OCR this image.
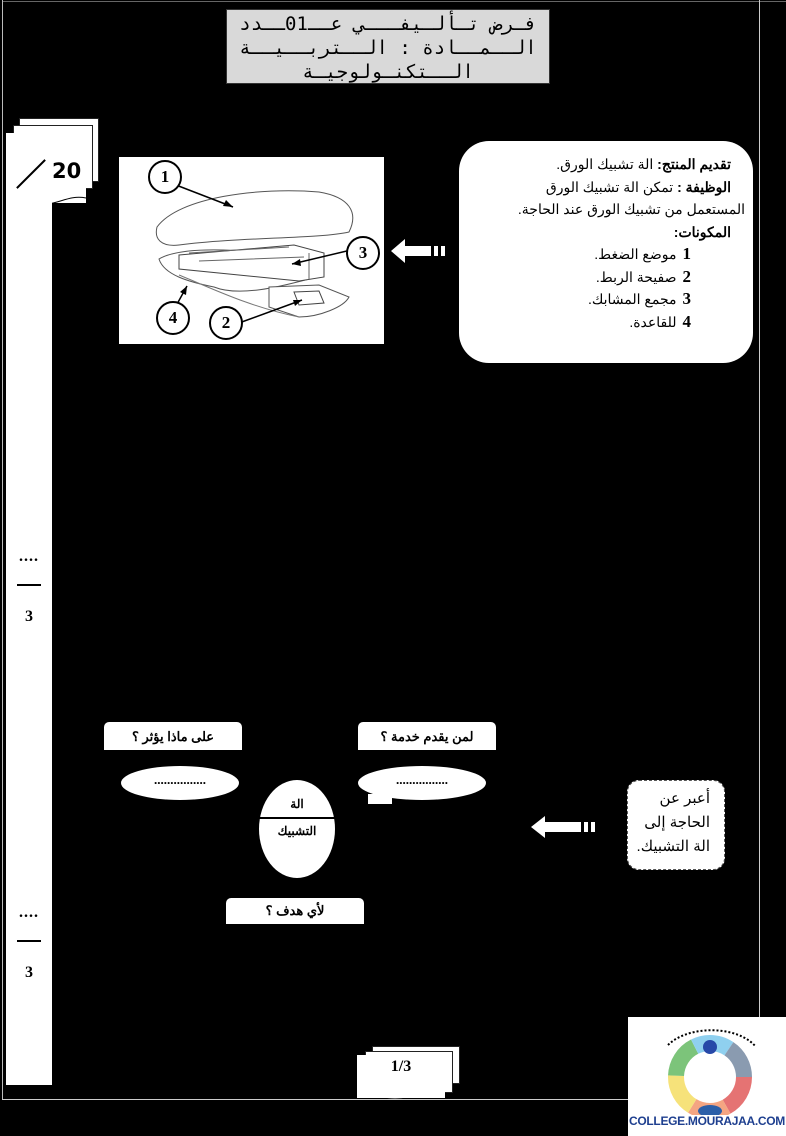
فـرض تـألـيفـــي عــ01ــدد
الــمــادة : الــتربــيــة
الــتكنـولوجيـة
20
....
3
....
3
1
2
3
4
تقديم المنتج: الة تشبيك الورق.
الوظيفة : تمكن الة تشبيك الورق
المستعمل من تشبيك الورق عند الحاجة.
المكونات:
1موضع الضغط.
2صفيحة الربط.
3مجمع المشابك.
4للقاعدة.
على ماذا يؤثر ؟	لمن يقدم خدمة ؟
................	................
الة
التشبيك
لأي هدف ؟
أعبر عن
الحاجة إلى
الة التشبيك.
1/3
COLLEGE.MOURAJAA.COM
